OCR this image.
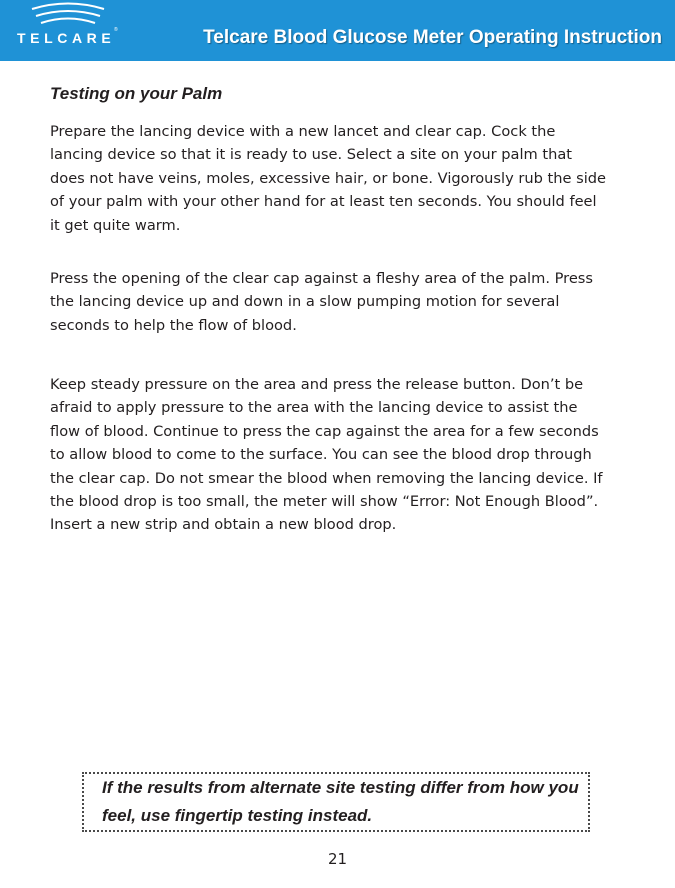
TELCARE
®	Telcare Blood Glucose Meter Operating Instruction
Testing on your Palm

Prepare the lancing device with a new lancet and clear cap. Cock the lancing device so that it is ready to use. Select a site on your palm that does not have veins, moles, excessive hair, or bone. Vigorously rub the side of your palm with your other hand for at least ten seconds. You should feel it get quite warm.

Press the opening of the clear cap against a fleshy area of the palm. Press the lancing device up and down in a slow pumping motion for several seconds to help the flow of blood.

Keep steady pressure on the area and press the release button. Don’t be afraid to apply pressure to the area with the lancing device to assist the flow of blood. Continue to press the cap against the area for a few seconds to allow blood to come to the surface. You can see the blood drop through the clear cap. Do not smear the blood when removing the lancing device. If the blood drop is too small, the meter will show “Error: Not Enough Blood”. Insert a new strip and obtain a new blood drop.

If the results from alternate site testing differ from how you feel, use fingertip testing instead.
21
